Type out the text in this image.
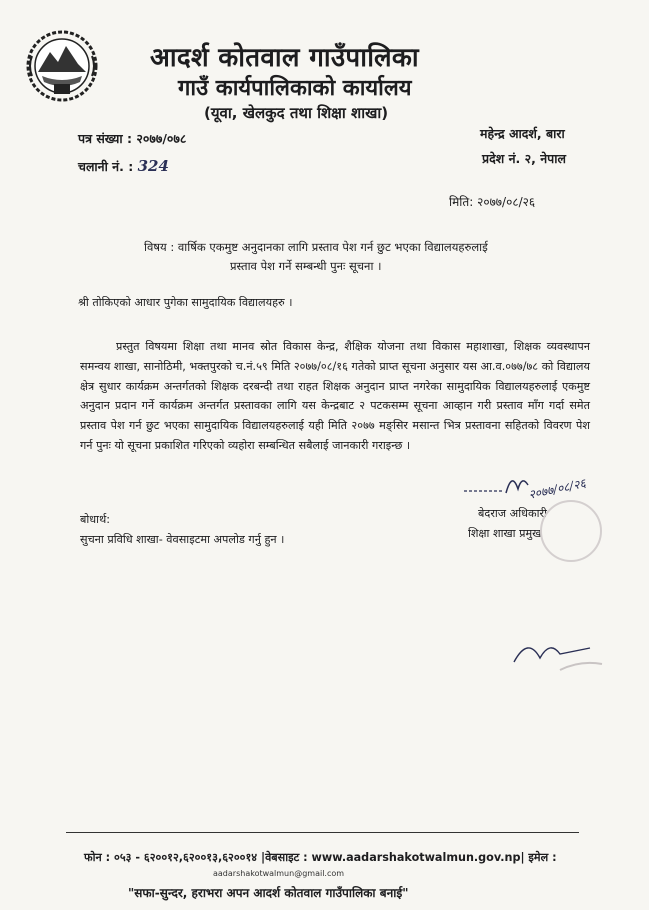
आदर्श कोतवाल गाउँपालिका
गाउँ कार्यपालिकाको कार्यालय
(यूवा, खेलकुद तथा शिक्षा शाखा)
पत्र संख्या : २०७७/०७८
चलानी नं. : 324
महेन्द्र आदर्श, बारा
प्रदेश नं. २, नेपाल
मिति: २०७७/०८/२६
विषय : वार्षिक एकमुष्ट अनुदानका लागि प्रस्ताव पेश गर्न छुट भएका विद्यालयहरुलाई
प्रस्ताव पेश गर्ने सम्बन्धी पुनः सूचना ।
श्री तोकिएको आधार पुगेका सामुदायिक विद्यालयहरु ।
प्रस्तुत विषयमा शिक्षा तथा मानव स्रोत विकास केन्द्र, शैक्षिक योजना तथा विकास महाशाखा, शिक्षक व्यवस्थापन समन्वय शाखा, सानोठिमी, भक्तपुरको च.नं.५९ मिति २०७७/०८/१६ गतेको प्राप्त सूचना अनुसार यस आ.व.०७७/७८ को विद्यालय क्षेत्र सुधार कार्यक्रम अन्तर्गतको शिक्षक दरबन्दी तथा राहत शिक्षक अनुदान प्राप्त नगरेका सामुदायिक विद्यालयहरुलाई एकमुष्ट अनुदान प्रदान गर्ने कार्यक्रम अन्तर्गत प्रस्तावका लागि यस केन्द्रबाट २ पटकसम्म सूचना आव्हान गरी प्रस्ताव माँग गर्दा समेत प्रस्ताव पेश गर्न छुट भएका सामुदायिक विद्यालयहरुलाई यही मिति २०७७ मङ्सिर मसान्त भित्र प्रस्तावना सहितको विवरण पेश गर्न पुनः यो सूचना प्रकाशित गरिएको व्यहोरा सम्बन्धित सबैलाई जानकारी गराइन्छ ।
२०७७/०८/२६
बेदराज अधिकारी
शिक्षा शाखा प्रमुख
बोधार्थ:
सुचना प्रविधि शाखा- वेवसाइटमा अपलोड गर्नु हुन ।
फोन : ०५३ - ६२००१२,६२००१३,६२००१४ |वेबसाइट : www.aadarshakotwalmun.gov.np| इमेल :
aadarshakotwalmun@gmail.com
"सफा-सुन्दर, हराभरा अपन आदर्श कोतवाल गाउँपालिका बनाई"
